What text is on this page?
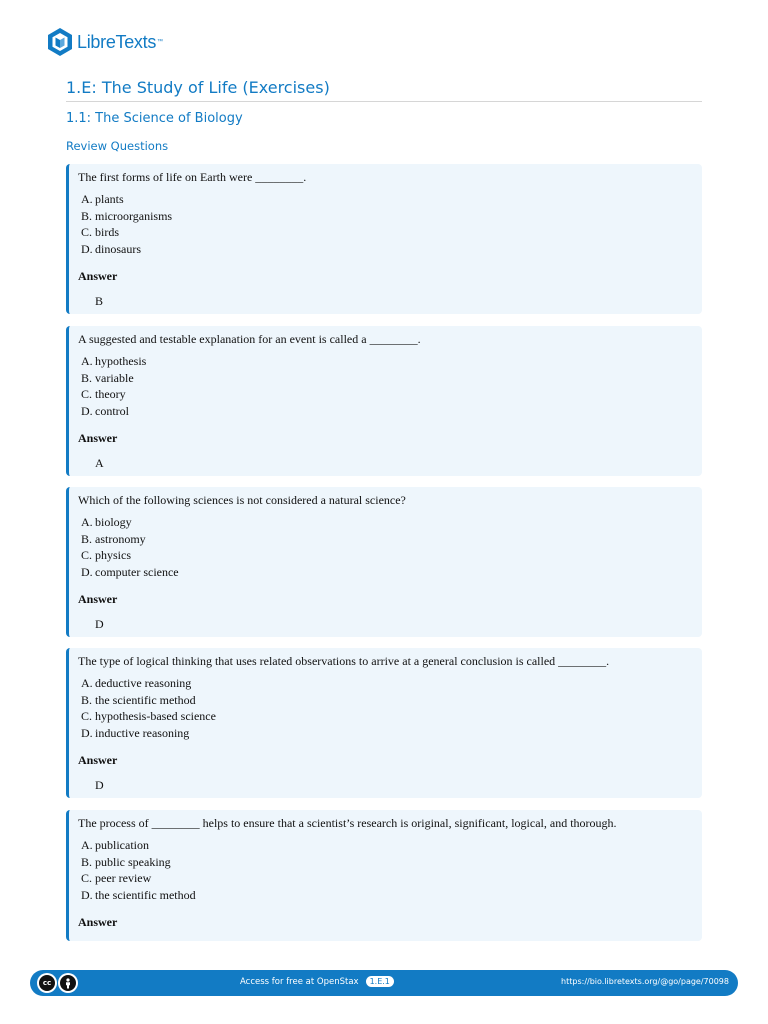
LibreTexts ™
1.E: The Study of Life (Exercises)
1.1: The Science of Biology
Review Questions

The first forms of life on Earth were ________.

A. plants
B. microorganisms
C. birds
D. dinosaurs

Answer

B

A suggested and testable explanation for an event is called a ________.

A. hypothesis
B. variable
C. theory
D. control

Answer

A

Which of the following sciences is not considered a natural science?

A. biology
B. astronomy
C. physics
D. computer science

Answer

D

The type of logical thinking that uses related observations to arrive at a general conclusion is called ________.

A. deductive reasoning
B. the scientific method
C. hypothesis-based science
D. inductive reasoning

Answer

D

The process of ________ helps to ensure that a scientist’s research is original, significant, logical, and thorough.

A. publication
B. public speaking
C. peer review
D. the scientific method

Answer

cc	Access for free at OpenStax	1.E.1	https://bio.libretexts.org/@go/page/70098
